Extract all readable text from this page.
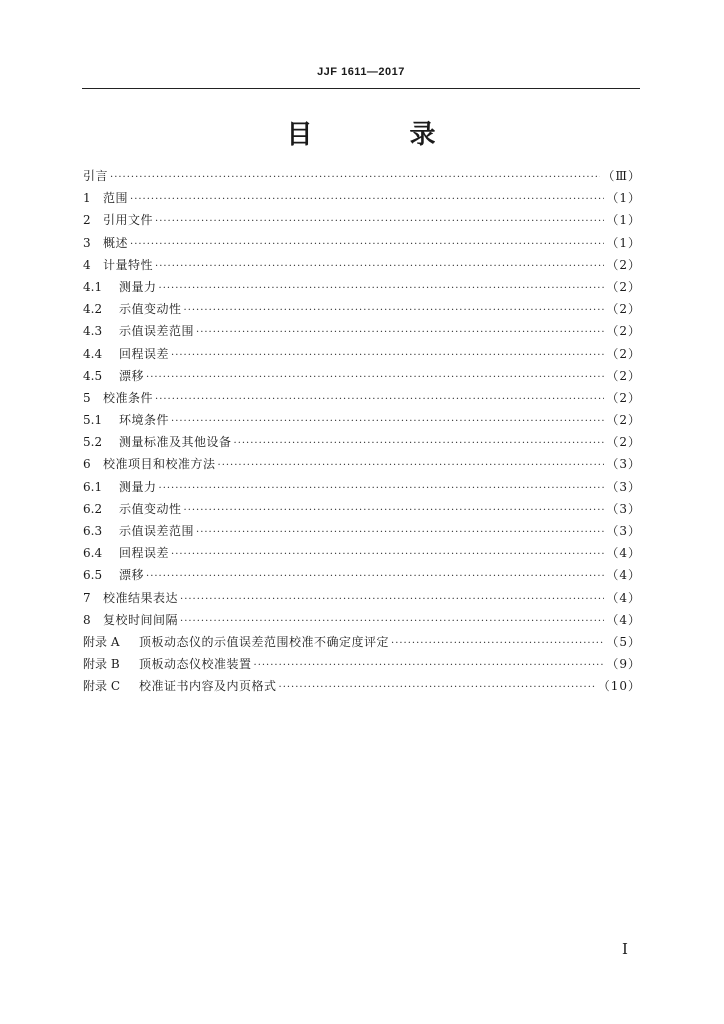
JJF 1611—2017
目 录
引言 ·····	（Ⅲ）
1	范围 ·····	（1）
2	引用文件 ·····	（1）
3	概述 ·····	（1）
4	计量特性 ·····	（2）
4.1	测量力 ·····	（2）
4.2	示值变动性 ·····	（2）
4.3	示值误差范围 ·····	（2）
4.4	回程误差 ·····	（2）
4.5	漂移 ·····	（2）
5	校准条件 ·····	（2）
5.1	环境条件 ·····	（2）
5.2	测量标准及其他设备 ·····	（2）
6	校准项目和校准方法 ·····	（3）
6.1	测量力 ·····	（3）
6.2	示值变动性 ·····	（3）
6.3	示值误差范围 ·····	（3）
6.4	回程误差 ·····	（4）
6.5	漂移 ·····	（4）
7	校准结果表达 ·····	（4）
8	复校时间间隔 ·····	（4）
附录 A	顶板动态仪的示值误差范围校准不确定度评定 ·····	（5）
附录 B	顶板动态仪校准装置 ·····	（9）
附录 C	校准证书内容及内页格式 ·····	（10）
I
